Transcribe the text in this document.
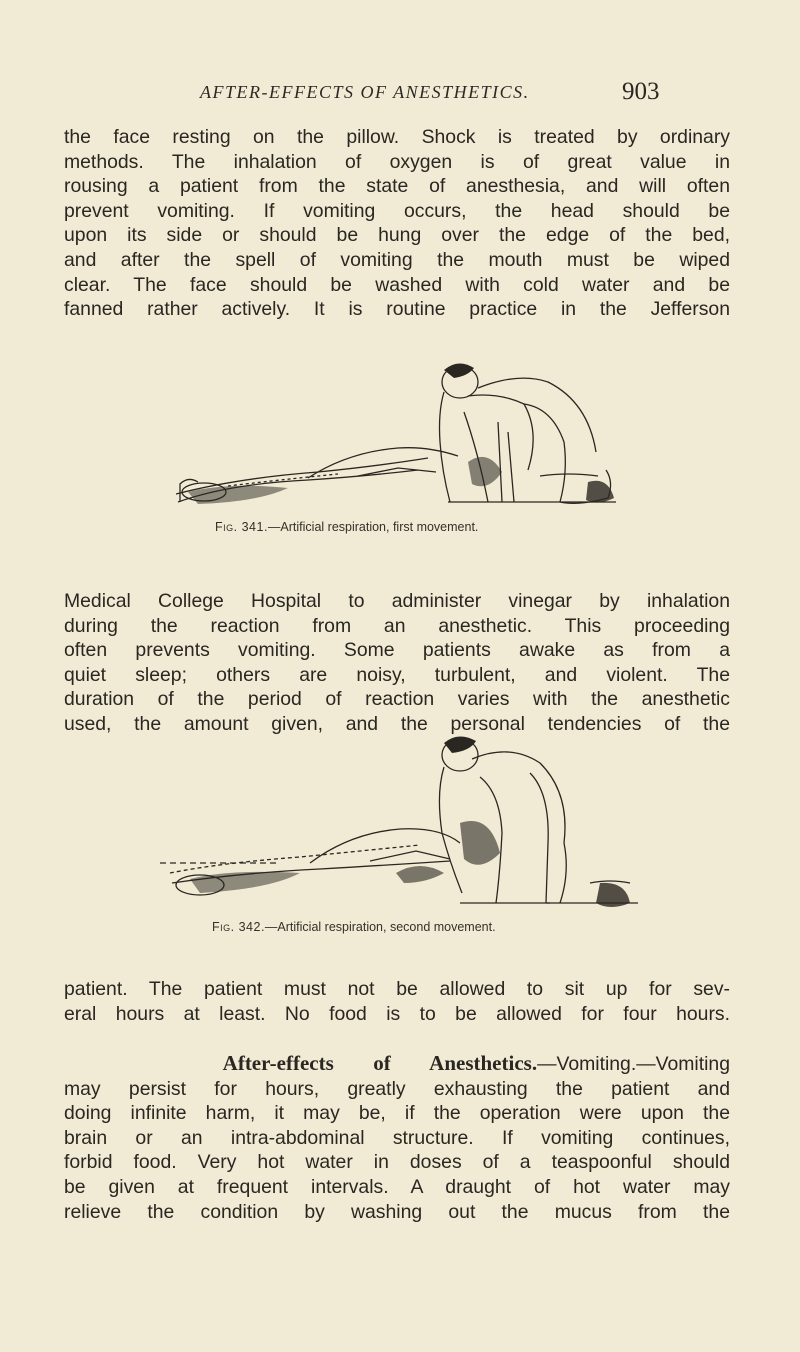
AFTER-EFFECTS OF ANESTHETICS.	903
the face resting on the pillow. Shock is treated by ordinary
methods. The inhalation of oxygen is of great value in
rousing a patient from the state of anesthesia, and will often
prevent vomiting. If vomiting occurs, the head should be
upon its side or should be hung over the edge of the bed,
and after the spell of vomiting the mouth must be wiped
clear. The face should be washed with cold water and be
fanned rather actively. It is routine practice in the Jefferson
Fig. 341.—Artificial respiration, first movement.
Medical College Hospital to administer vinegar by inhalation
during the reaction from an anesthetic. This proceeding
often prevents vomiting. Some patients awake as from a
quiet sleep; others are noisy, turbulent, and violent. The
duration of the period of reaction varies with the anesthetic
used, the amount given, and the personal tendencies of the
Fig. 342.—Artificial respiration, second movement.
patient. The patient must not be allowed to sit up for sev-
eral hours at least. No food is to be allowed for four hours.
After-effects of Anesthetics.—Vomiting.—Vomiting
may persist for hours, greatly exhausting the patient and
doing infinite harm, it may be, if the operation were upon the
brain or an intra-abdominal structure. If vomiting continues,
forbid food. Very hot water in doses of a teaspoonful should
be given at frequent intervals. A draught of hot water may
relieve the condition by washing out the mucus from the
